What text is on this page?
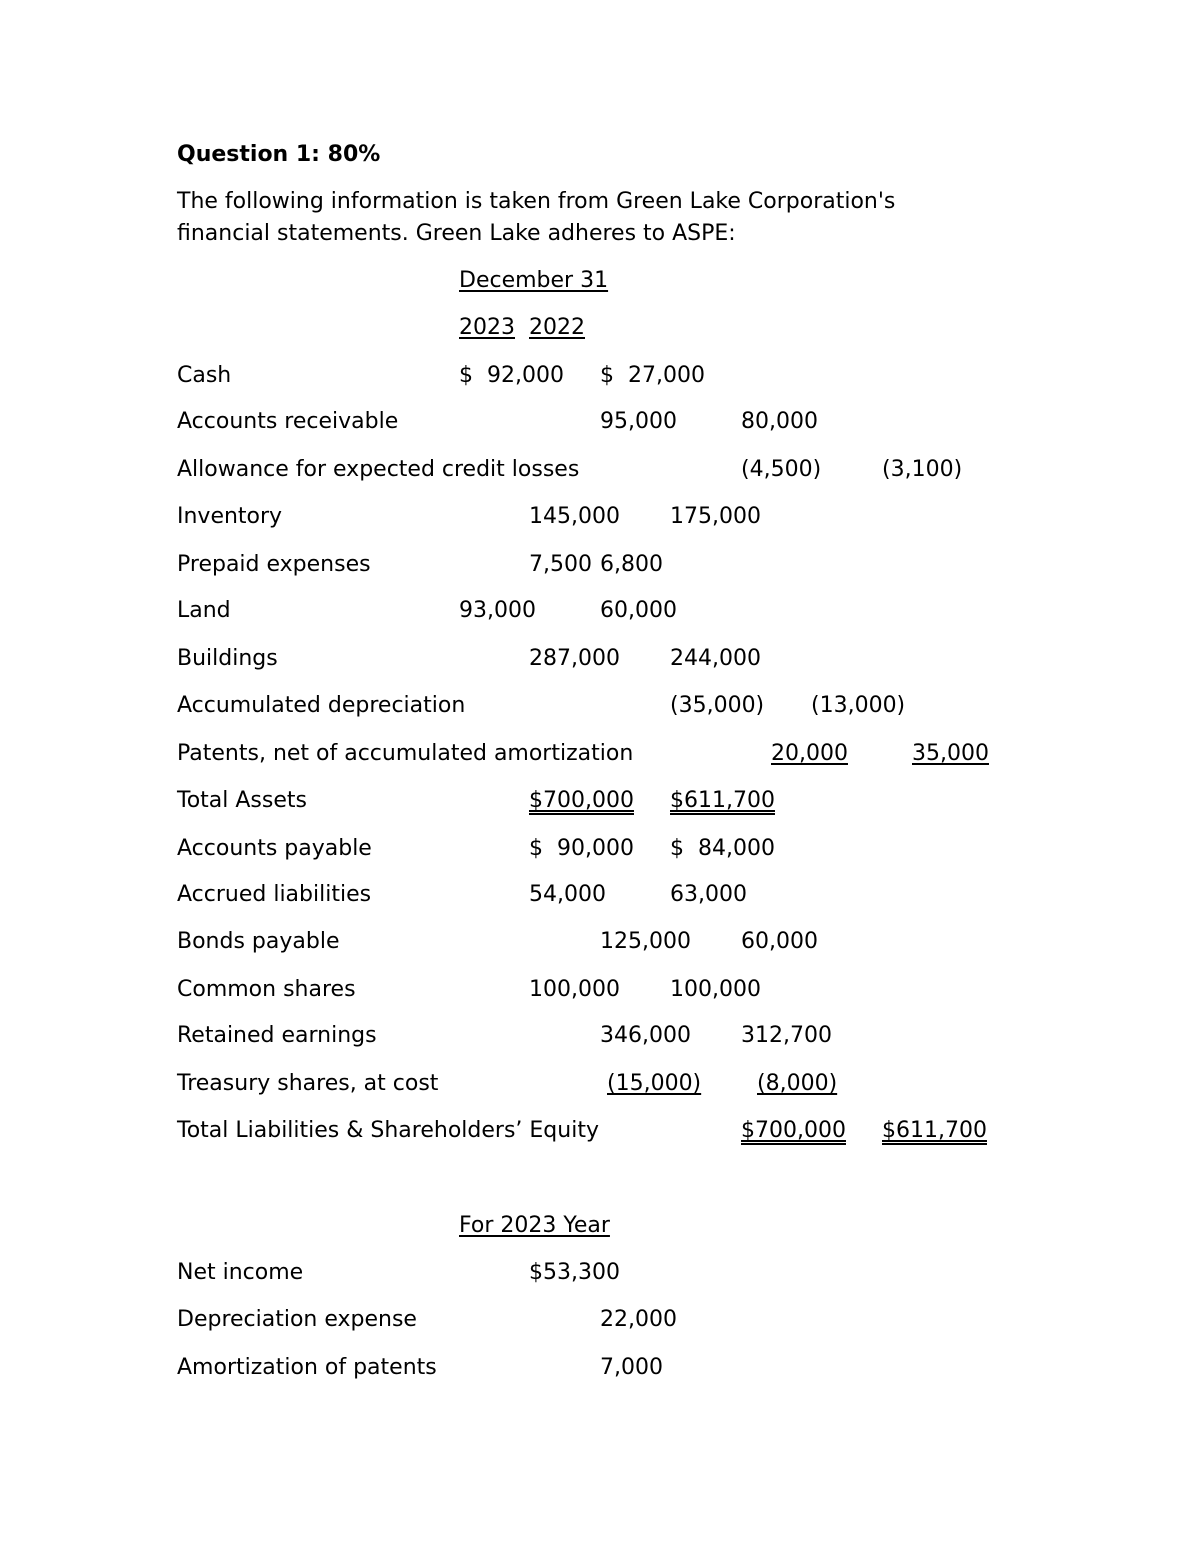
Question 1: 80%
The following information is taken from Green Lake Corporation's
financial statements. Green Lake adheres to ASPE:
December 31
2023 2022
Cash	$  92,000 $  27,000
Accounts receivable	95,000	80,000
Allowance for expected credit losses	(4,500)	(3,100)
Inventory	145,000 175,000
Prepaid expenses	7,500 6,800
Land	93,000	60,000
Buildings	287,000 244,000
Accumulated depreciation	(35,000) (13,000)
Patents, net of accumulated amortization	20,000	35,000
Total Assets	$700,000 $611,700
Accounts payable	$  90,000 $  84,000
Accrued liabilities	54,000	63,000
Bonds payable	125,000 60,000
Common shares	100,000 100,000
Retained earnings	346,000 312,700
Treasury shares, at cost	(15,000)	(8,000)
Total Liabilities & Shareholders’ Equity	$700,000 $611,700
For 2023 Year
Net income	$53,300
Depreciation expense	22,000
Amortization of patents	7,000
